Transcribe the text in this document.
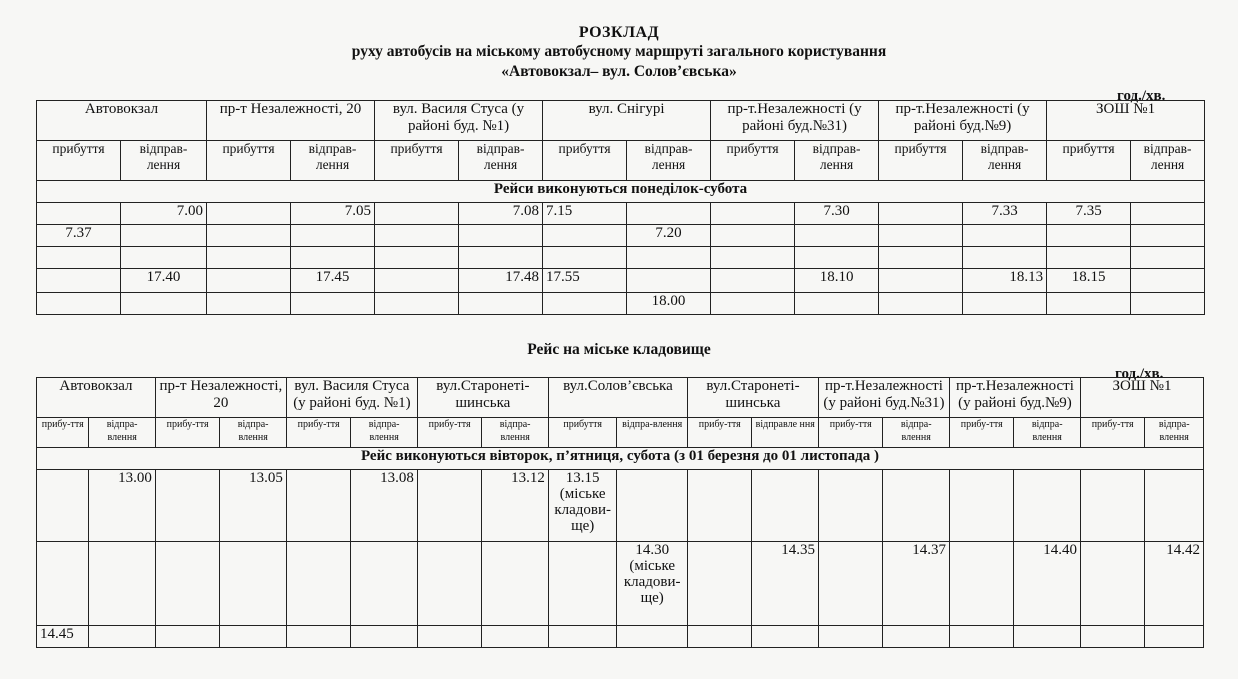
РОЗКЛАД
руху автобусів на міському автобусному маршруті загального користування
«Автовокзал– вул. Солов’євська»
год./хв.
Автовокзал		пр-т Незалежності, 20		вул. Василя Стуса (у районі буд. №1)		вул. Снігурі		пр-т.Незалежності (у районі буд.№31)		пр-т.Незалежності (у районі буд.№9)		ЗОШ №1	
прибуття	відправ-лення	прибуття	відправ-лення	прибуття	відправ-лення	прибуття	відправ-лення	прибуття	відправ-лення	прибуття	відправ-лення	прибуття	відправ-лення
Рейси виконуються понеділок-субота													
	7.00		7.05		7.08	7.15			7.30		7.33	7.35	
7.37							7.20						

	17.40		17.45		17.48	17.55			18.10		18.13	18.15	
							18.00						
Рейс на міське кладовище
год./хв.
Автовокзал		пр-т Незалежності, 20		вул. Василя Стуса (у районі буд. №1)		вул.Старонеті-шинська		вул.Солов’євська		вул.Старонеті-шинська		пр-т.Незалежності (у районі буд.№31)		пр-т.Незалежності (у районі буд.№9)		ЗОШ №1	
прибу-ття	відпра-влення	прибу-ття	відпра-влення	прибу-ття	відпра-влення	прибу-ття	відпра-влення	прибуття	відпра-влення	прибу-ття	відправле ння	прибу-ття	відпра-влення	прибу-ття	відпра-влення	прибу-ття	відпра-влення
Рейс виконуються вівторок, п’ятниця, субота (з 01 березня до 01 листопада )																	
	13.00		13.05		13.08		13.12	13.15 (міське кладови-ще)									
									14.30 (міське кладови-ще)		14.35		14.37		14.40		14.42
14.45																	
